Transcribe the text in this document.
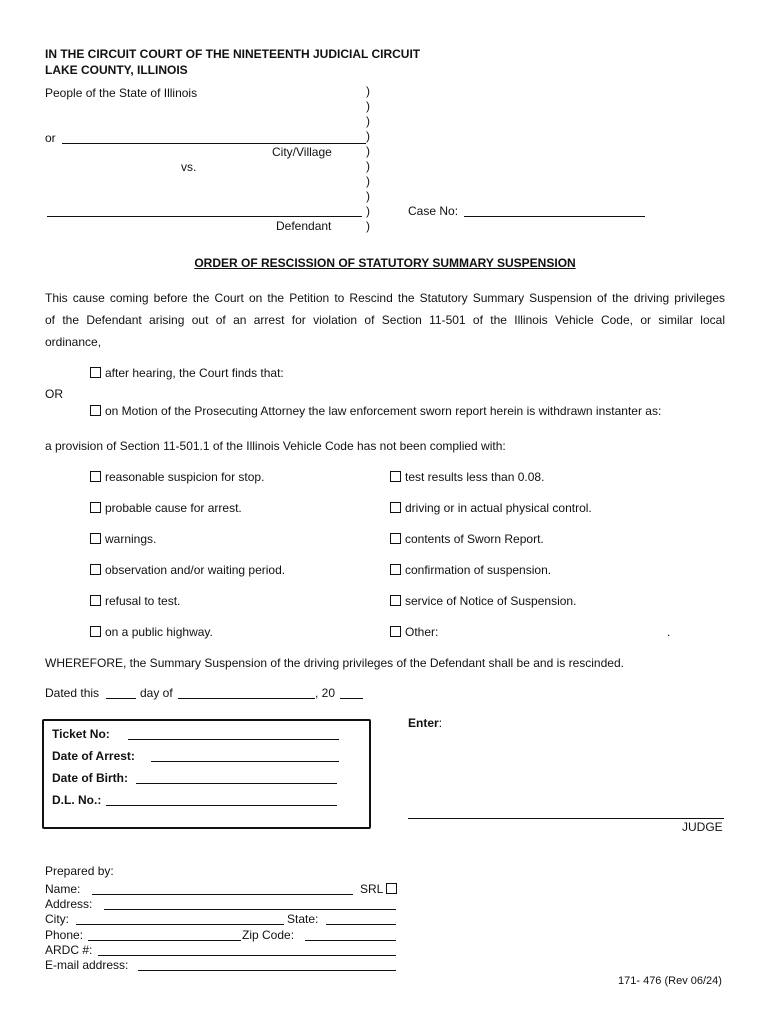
IN THE CIRCUIT COURT OF THE NINETEENTH JUDICIAL CIRCUIT
LAKE COUNTY, ILLINOIS
People of the State of Illinois
or
City/Village
vs.
Defendant
)
)
)
)
)
)
)
)
)
)
Case No:
ORDER OF RESCISSION OF STATUTORY SUMMARY SUSPENSION
This cause coming before the Court on the Petition to Rescind the Statutory Summary Suspension of the driving privileges of the Defendant arising out of an arrest for violation of Section 11-501 of the Illinois Vehicle Code, or similar local ordinance,
after hearing, the Court finds that:
OR
on Motion of the Prosecuting Attorney the law enforcement sworn report herein is withdrawn instanter as:
a provision of Section 11-501.1 of the Illinois Vehicle Code has not been complied with:
reasonable suspicion for stop.
probable cause for arrest.
warnings.
observation and/or waiting period.
refusal to test.
on a public highway.
test results less than 0.08.
driving or in actual physical control.
contents of Sworn Report.
confirmation of suspension.
service of Notice of Suspension.
Other:	.
WHEREFORE, the Summary Suspension of the driving privileges of the Defendant shall be and is rescinded.
Dated this	day of	, 20
Ticket No:
Date of Arrest:
Date of Birth:
D.L. No.:
Enter:
JUDGE
Prepared by:
Name:	SRL
Address:
City:	State:
Phone:	Zip Code:
ARDC #:
E-mail address:
171- 476 (Rev 06/24)
